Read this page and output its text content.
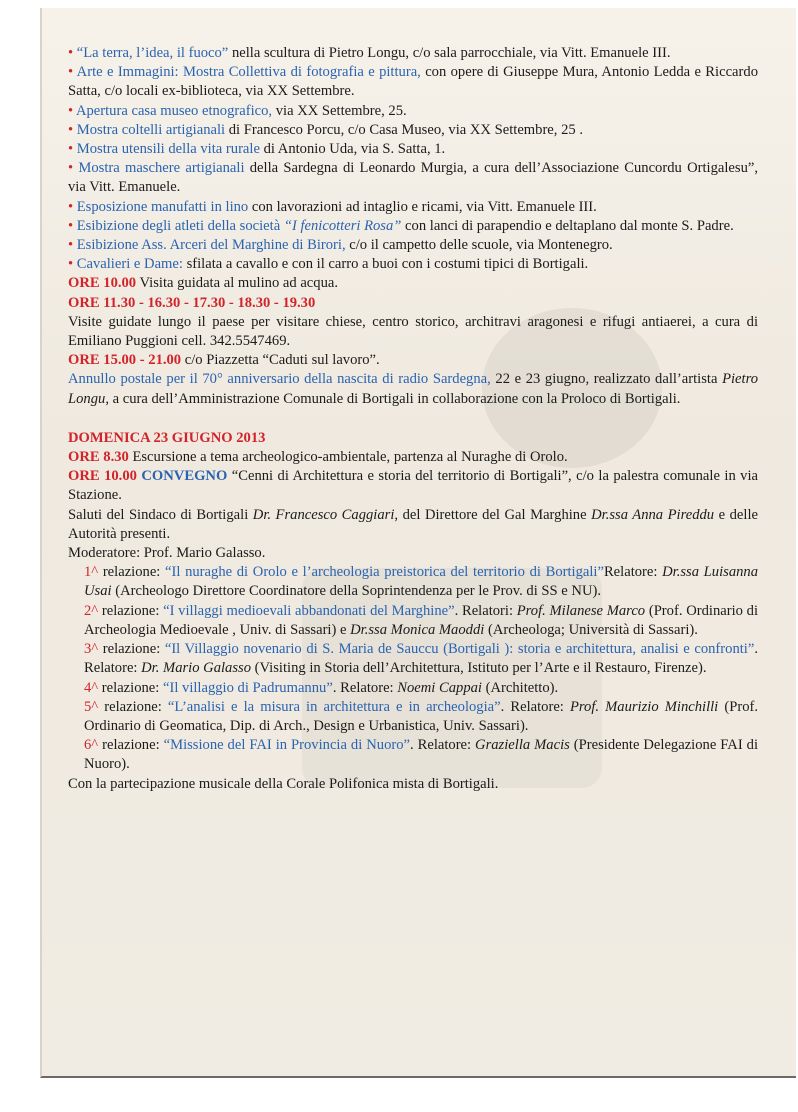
• “La terra, l’idea, il fuoco” nella scultura di Pietro Longu, c/o sala parrocchiale, via Vitt. Emanuele III.

• Arte e Immagini: Mostra Collettiva di fotografia e pittura, con opere di Giuseppe Mura, Antonio Ledda e Riccardo Satta, c/o locali ex-biblioteca, via XX Settembre.

• Apertura casa museo etnografico, via XX Settembre, 25.

• Mostra coltelli artigianali di Francesco Porcu, c/o Casa Museo, via XX Settembre, 25 .

• Mostra utensili della vita rurale di Antonio Uda, via S. Satta, 1.

• Mostra maschere artigianali della Sardegna di Leonardo Murgia, a cura dell’Associazione Cuncordu Ortigalesu”, via Vitt. Emanuele.

• Esposizione manufatti in lino con lavorazioni ad intaglio e ricami, via Vitt. Emanuele III.

• Esibizione degli atleti della società “I fenicotteri Rosa” con lanci di parapendio e deltaplano dal monte S. Padre.

• Esibizione Ass. Arceri del Marghine di Birori, c/o il campetto delle scuole, via Montenegro.

• Cavalieri e Dame: sfilata a cavallo e con il carro a buoi con i costumi tipici di Bortigali.

ORE 10.00 Visita guidata al mulino ad acqua.

ORE 11.30 - 16.30 - 17.30 - 18.30 - 19.30

Visite guidate lungo il paese per visitare chiese, centro storico, architravi aragonesi e rifugi antiaerei, a cura di Emiliano Puggioni cell. 342.5547469.

ORE 15.00 - 21.00 c/o Piazzetta “Caduti sul lavoro”.

Annullo postale per il 70° anniversario della nascita di radio Sardegna, 22 e 23 giugno, realizzato dall’artista Pietro Longu, a cura dell’Amministrazione Comunale di Bortigali in collaborazione con la Proloco di Bortigali.

DOMENICA 23 GIUGNO 2013

ORE 8.30 Escursione a tema archeologico-ambientale, partenza al Nuraghe di Orolo.

ORE 10.00 CONVEGNO “Cenni di Architettura e storia del territorio di Bortigali”, c/o la palestra comunale in via Stazione.

Saluti del Sindaco di Bortigali Dr. Francesco Caggiari, del Direttore del Gal Marghine Dr.ssa Anna Pireddu e delle Autorità presenti.

Moderatore: Prof. Mario Galasso.

1^ relazione: “Il nuraghe di Orolo e l’archeologia preistorica del territorio di Bortigali”Relatore: Dr.ssa Luisanna Usai (Archeologo Direttore Coordinatore della Soprintendenza per le Prov. di SS e NU).

2^ relazione: “I villaggi medioevali abbandonati del Marghine”. Relatori: Prof. Milanese Marco (Prof. Ordinario di Archeologia Medioevale , Univ. di Sassari) e Dr.ssa Monica Maoddi (Archeologa; Università di Sassari).

3^ relazione: “Il Villaggio novenario di S. Maria de Sauccu (Bortigali ): storia e architettura, analisi e confronti”. Relatore: Dr. Mario Galasso (Visiting in Storia dell’Architettura, Istituto per l’Arte e il Restauro, Firenze).

4^ relazione: “Il villaggio di Padrumannu”. Relatore: Noemi Cappai (Architetto).

5^ relazione: “L’analisi e la misura in architettura e in archeologia”. Relatore: Prof. Maurizio Minchilli (Prof. Ordinario di Geomatica, Dip. di Arch., Design e Urbanistica, Univ. Sassari).

6^ relazione: “Missione del FAI in Provincia di Nuoro”. Relatore: Graziella Macis (Presidente Delegazione FAI di Nuoro).

Con la partecipazione musicale della Corale Polifonica mista di Bortigali.
